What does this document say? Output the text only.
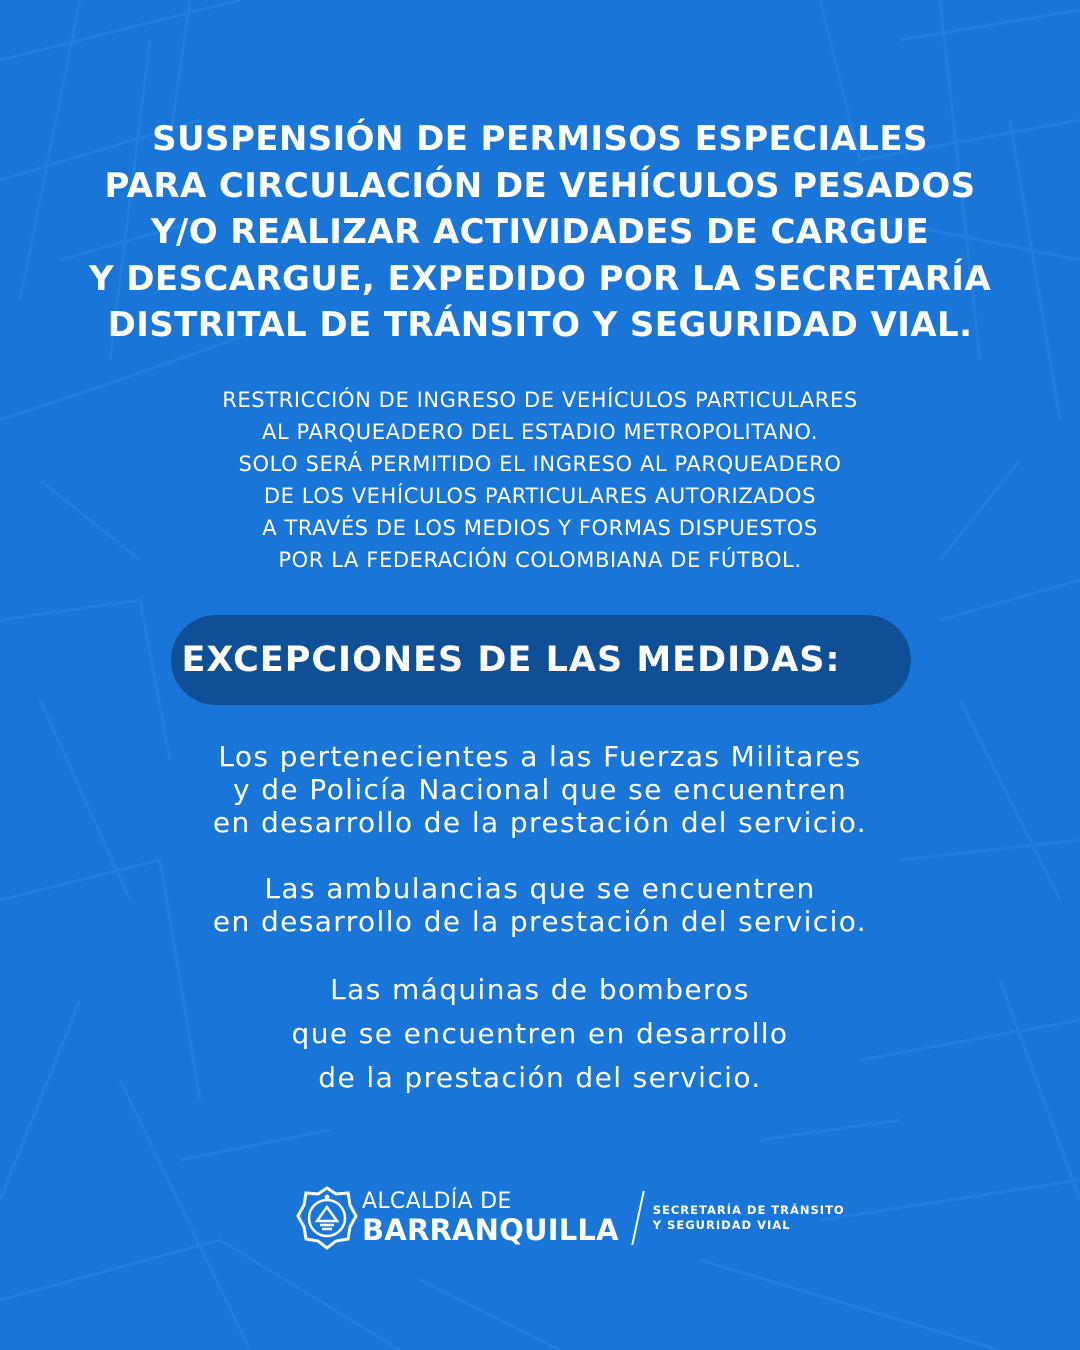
SUSPENSIÓN DE PERMISOS ESPECIALES
PARA CIRCULACIÓN DE VEHÍCULOS PESADOS
Y/O REALIZAR ACTIVIDADES DE CARGUE
Y DESCARGUE, EXPEDIDO POR LA SECRETARÍA
DISTRITAL DE TRÁNSITO Y SEGURIDAD VIAL.
RESTRICCIÓN DE INGRESO DE VEHÍCULOS PARTICULARES
AL PARQUEADERO DEL ESTADIO METROPOLITANO.
SOLO SERÁ PERMITIDO EL INGRESO AL PARQUEADERO
DE LOS VEHÍCULOS PARTICULARES AUTORIZADOS
A TRAVÉS DE LOS MEDIOS Y FORMAS DISPUESTOS
POR LA FEDERACIÓN COLOMBIANA DE FÚTBOL.
EXCEPCIONES DE LAS MEDIDAS:
Los pertenecientes a las Fuerzas Militares
y de Policía Nacional que se encuentren
en desarrollo de la prestación del servicio.
Las ambulancias que se encuentren
en desarrollo de la prestación del servicio.
Las máquinas de bomberos
que se encuentren en desarrollo
de la prestación del servicio.
ALCALDÍA DE
BARRANQUILLA
SECRETARÍA DE TRÁNSITO
Y SEGURIDAD VIAL
